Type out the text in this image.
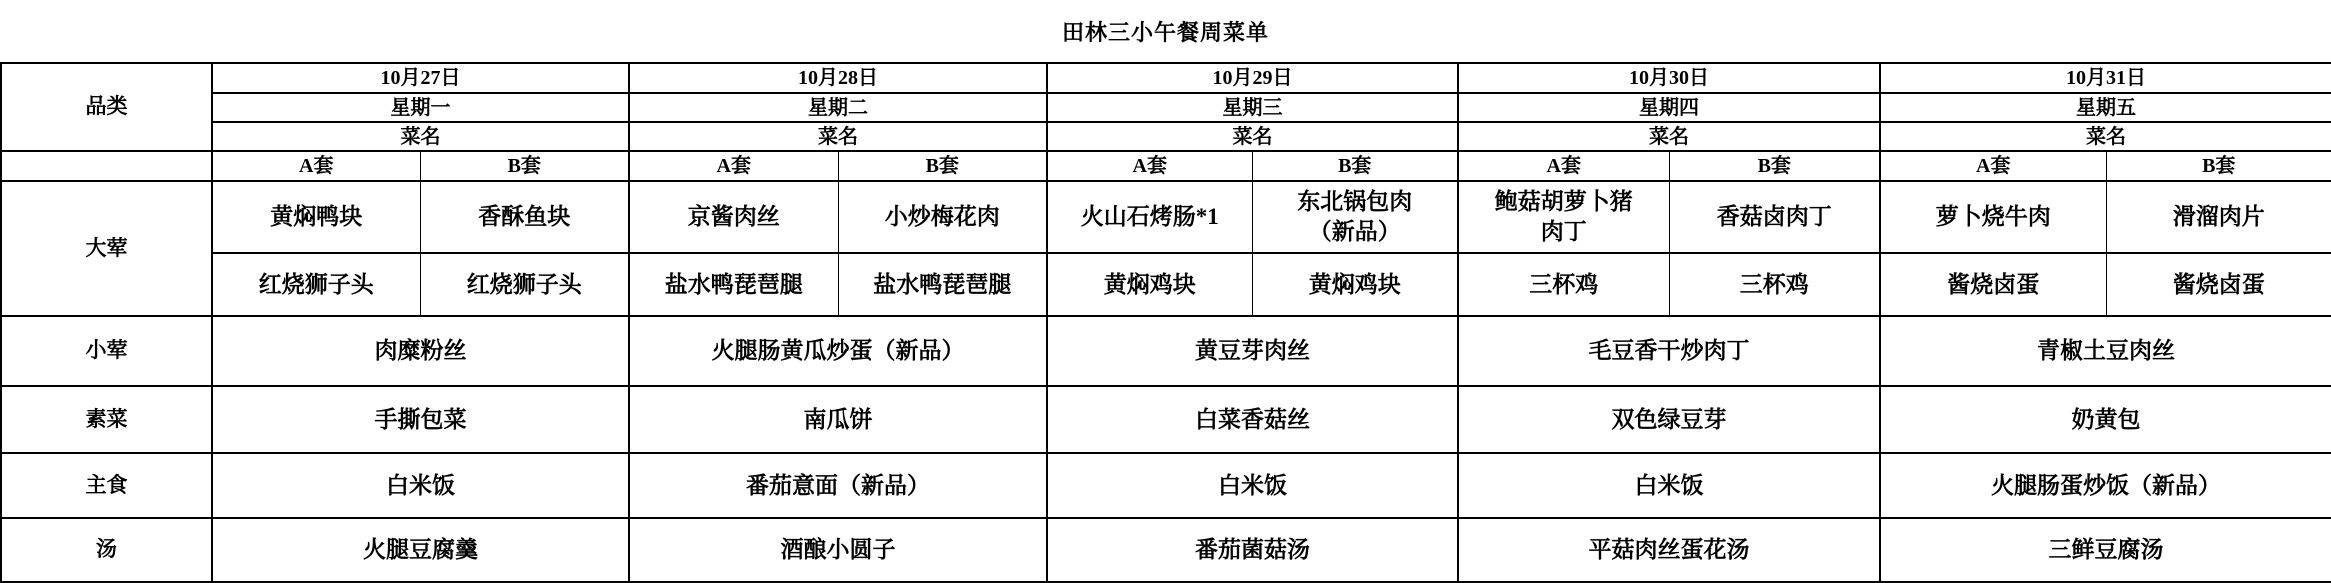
田林三小午餐周菜单
品类	10月27日		10月28日		10月29日		10月30日		10月31日	
	星期一		星期二		星期三		星期四		星期五	
	菜名		菜名		菜名		菜名		菜名	
	A套	B套	A套	B套	A套	B套	A套	B套	A套	B套
大荤	黄焖鸭块	香酥鱼块	京酱肉丝	小炒梅花肉	火山石烤肠*1	东北锅包肉（新品）	鲍菇胡萝卜猪肉丁	香菇卤肉丁	萝卜烧牛肉	滑溜肉片
	红烧狮子头	红烧狮子头	盐水鸭琵琶腿	盐水鸭琵琶腿	黄焖鸡块	黄焖鸡块	三杯鸡	三杯鸡	酱烧卤蛋	酱烧卤蛋
小荤	肉糜粉丝		火腿肠黄瓜炒蛋（新品）		黄豆芽肉丝		毛豆香干炒肉丁		青椒土豆肉丝	
素菜	手撕包菜		南瓜饼		白菜香菇丝		双色绿豆芽		奶黄包	
主食	白米饭		番茄意面（新品）		白米饭		白米饭		火腿肠蛋炒饭（新品）	
汤	火腿豆腐羹		酒酿小圆子		番茄菌菇汤		平菇肉丝蛋花汤		三鲜豆腐汤	
